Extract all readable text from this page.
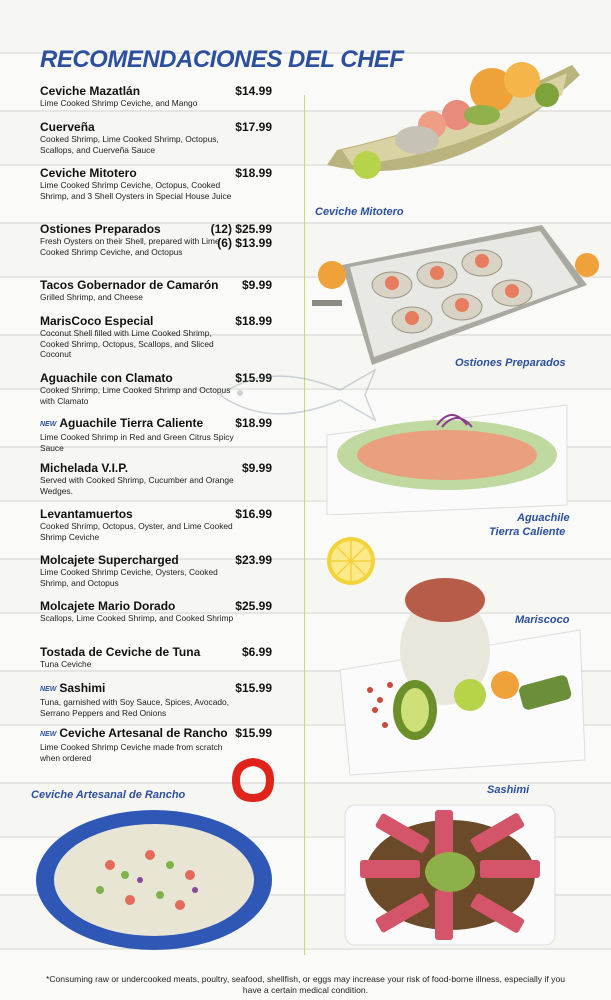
RECOMENDACIONES DEL CHEF
Ceviche Mazatlán
Lime Cooked Shrimp Ceviche, and Mango
$14.99
Cuerveña
Cooked Shrimp, Lime Cooked Shrimp, Octopus, Scallops, and Cuerveña Sauce
$17.99
Ceviche Mitotero
Lime Cooked Shrimp Ceviche, Octopus, Cooked Shrimp, and 3 Shell Oysters in Special House Juice
$18.99
Ostiones Preparados
Fresh Oysters on their Shell, prepared with Lime Cooked Shrimp Ceviche, and Octopus
(12) $25.99
(6) $13.99
Tacos Gobernador de Camarón
Grilled Shrimp, and Cheese
$9.99
MarisCoco Especial
Coconut Shell filled with Lime Cooked Shrimp, Cooked Shrimp, Octopus, Scallops, and Sliced Coconut
$18.99
Aguachile con Clamato
Cooked Shrimp, Lime Cooked Shrimp and Octopus with Clamato
$15.99
NEW Aguachile Tierra Caliente
Lime Cooked Shrimp in Red and Green Citrus Spicy Sauce
$18.99
Michelada V.I.P.
Served with Cooked Shrimp, Cucumber and Orange Wedges.
$9.99
Levantamuertos
Cooked Shrimp, Octopus, Oyster, and Lime Cooked Shrimp Ceviche
$16.99
Molcajete Supercharged
Lime Cooked Shrimp Ceviche, Oysters, Cooked Shrimp, and Octopus
$23.99
Molcajete Mario Dorado
Scallops, Lime Cooked Shrimp, and Cooked Shrimp
$25.99
Tostada de Ceviche de Tuna
Tuna Ceviche
$6.99
NEW Sashimi
Tuna, garnished with Soy Sauce, Spices, Avocado, Serrano Peppers and Red Onions
$15.99
NEW Ceviche Artesanal de Rancho
Lime Cooked Shrimp Ceviche made from scratch when ordered
$15.99

Ceviche Mitotero

Ostiones Preparados

Aguachile

Tierra Caliente

Mariscoco

Sashimi

Ceviche Artesanal de Rancho

*Consuming raw or undercooked meats, poultry, seafood, shellfish, or eggs may increase your risk of food-borne illness, especially if you have a certain medical condition.
